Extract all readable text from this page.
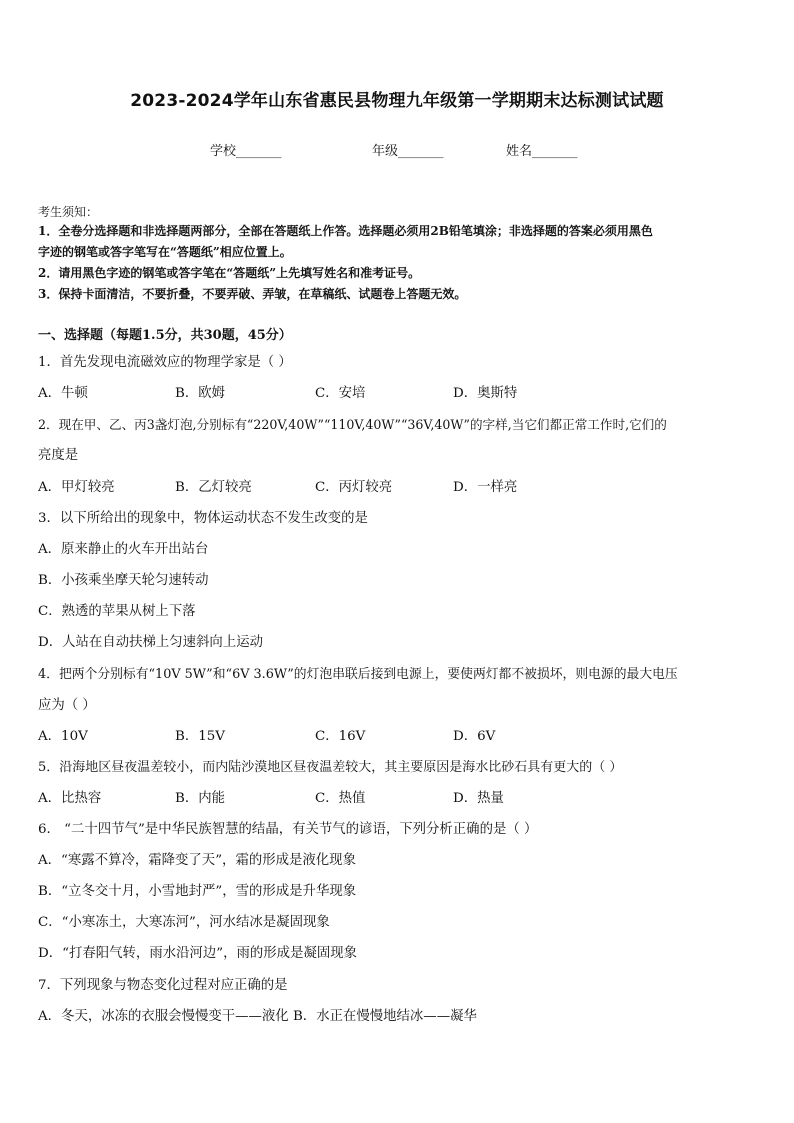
2023-2024学年山东省惠民县物理九年级第一学期期末达标测试试题
学校_______	年级_______	姓名_______
考生须知：
1．全卷分选择题和非选择题两部分，全部在答题纸上作答。选择题必须用2B铅笔填涂；非选择题的答案必须用黑色
字迹的钢笔或答字笔写在“答题纸”相应位置上。
2．请用黑色字迹的钢笔或答字笔在“答题纸”上先填写姓名和准考证号。
3．保持卡面清洁，不要折叠，不要弄破、弄皱，在草稿纸、试题卷上答题无效。
一、选择题（每题1.5分，共30题，45分）
1．首先发现电流磁效应的物理学家是（ ）
A．牛顿	B．欧姆	C．安培	D．奥斯特
2．现在甲、乙、丙3盏灯泡,分别标有“220V,40W”“110V,40W”“36V,40W”的字样,当它们都正常工作时,它们的
亮度是
A．甲灯较亮	B．乙灯较亮	C．丙灯较亮	D．一样亮
3．以下所给出的现象中，物体运动状态不发生改变的是
A．原来静止的火车开出站台
B．小孩乘坐摩天轮匀速转动
C．熟透的苹果从树上下落
D．人站在自动扶梯上匀速斜向上运动
4．把两个分别标有“10V 5W”和“6V 3.6W”的灯泡串联后接到电源上，要使两灯都不被损坏，则电源的最大电压
应为（ ）
A．10V	B．15V	C．16V	D．6V
5．沿海地区昼夜温差较小，而内陆沙漠地区昼夜温差较大，其主要原因是海水比砂石具有更大的（ ）
A．比热容	B．内能	C．热值	D．热量
6． “二十四节气”是中华民族智慧的结晶，有关节气的谚语，下列分析正确的是（ ）
A．“寒露不算冷，霜降变了天”，霜的形成是液化现象
B．“立冬交十月，小雪地封严”，雪的形成是升华现象
C．“小寒冻土，大寒冻河”，河水结冰是凝固现象
D．“打春阳气转，雨水沿河边”，雨的形成是凝固现象
7．下列现象与物态变化过程对应正确的是
A．冬天，冰冻的衣服会慢慢变干——液化 B．水正在慢慢地结冰——凝华
